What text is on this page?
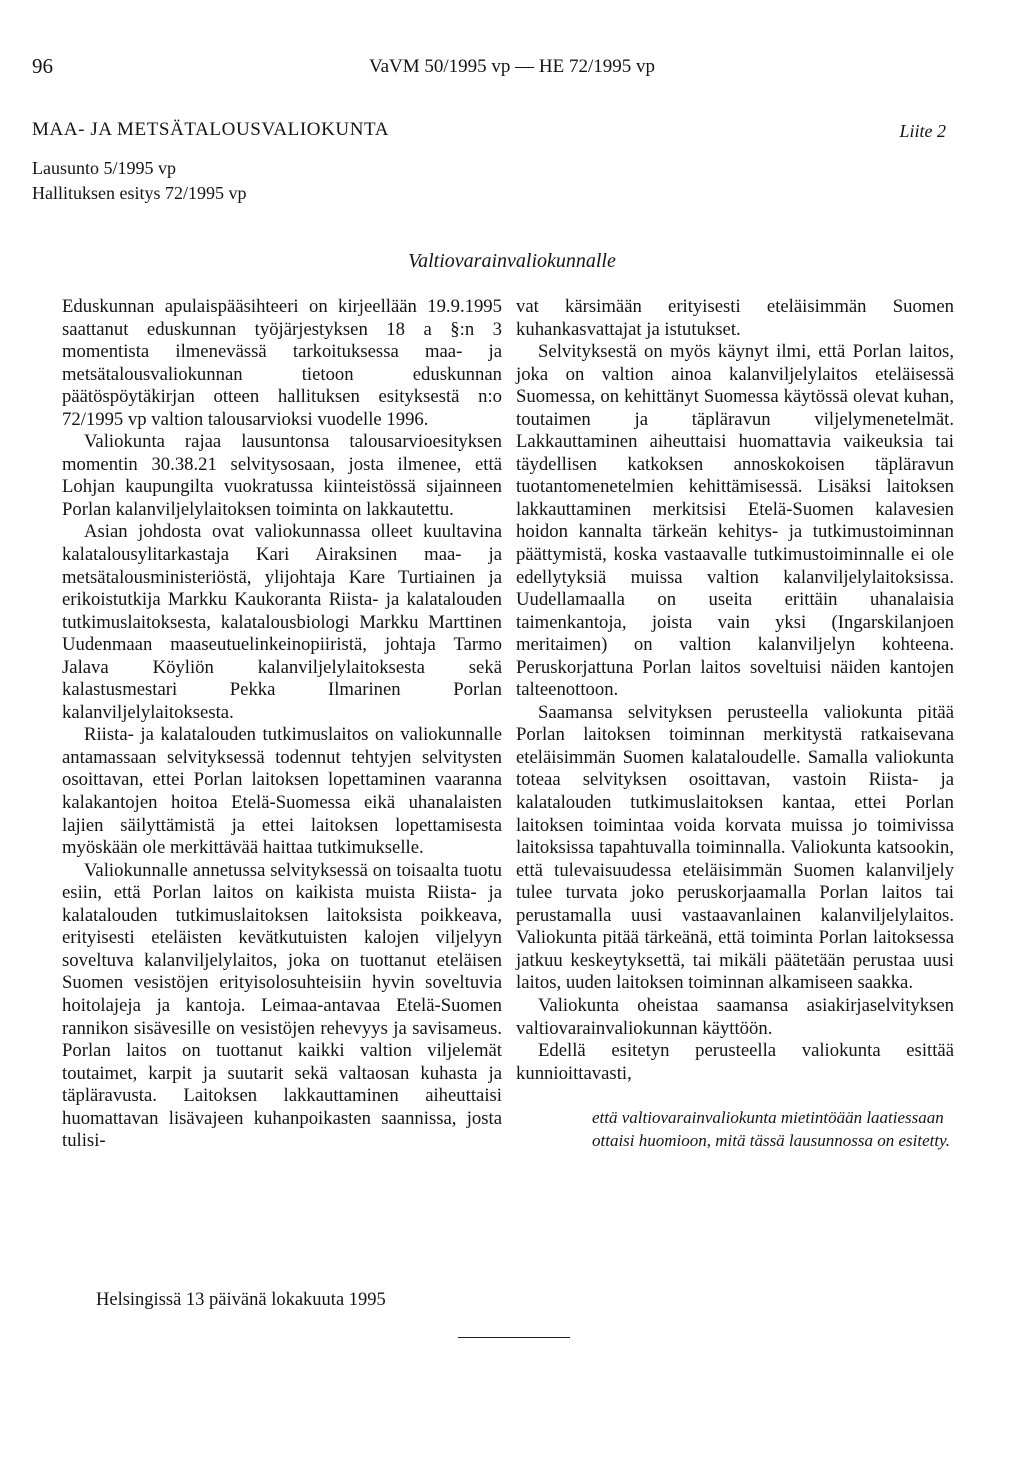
96	VaVM 50/1995 vp — HE 72/1995 vp
MAA- JA METSÄTALOUSVALIOKUNTA	Liite 2
Lausunto 5/1995 vp
Hallituksen esitys 72/1995 vp
Valtiovarainvaliokunnalle

Eduskunnan apulaispääsihteeri on kirjeellään 19.9.1995 saattanut eduskunnan työjärjestyksen 18 a §:n 3 momentista ilmenevässä tarkoituksessa maa- ja metsätalousvaliokunnan tietoon eduskunnan päätöspöytäkirjan otteen hallituksen esityksestä n:o 72/1995 vp valtion talousarvioksi vuodelle 1996.

Valiokunta rajaa lausuntonsa talousarvioesityksen momentin 30.38.21 selvitysosaan, josta ilmenee, että Lohjan kaupungilta vuokratussa kiinteistössä sijainneen Porlan kalanviljelylaitoksen toiminta on lakkautettu.

Asian johdosta ovat valiokunnassa olleet kuultavina kalatalousylitarkastaja Kari Airaksinen maa- ja metsätalousministeriöstä, ylijohtaja Kare Turtiainen ja erikoistutkija Markku Kaukoranta Riista- ja kalatalouden tutkimuslaitoksesta, kalatalousbiologi Markku Marttinen Uudenmaan maaseutuelinkeinopiiristä, johtaja Tarmo Jalava Köyliön kalanviljelylaitoksesta sekä kalastusmestari Pekka Ilmarinen Porlan kalanviljelylaitoksesta.

Riista- ja kalatalouden tutkimuslaitos on valiokunnalle antamassaan selvityksessä todennut tehtyjen selvitysten osoittavan, ettei Porlan laitoksen lopettaminen vaaranna kalakantojen hoitoa Etelä-Suomessa eikä uhanalaisten lajien säilyttämistä ja ettei laitoksen lopettamisesta myöskään ole merkittävää haittaa tutkimukselle.

Valiokunnalle annetussa selvityksessä on toisaalta tuotu esiin, että Porlan laitos on kaikista muista Riista- ja kalatalouden tutkimuslaitoksen laitoksista poikkeava, erityisesti eteläisten kevätkutuisten kalojen viljelyyn soveltuva kalanviljelylaitos, joka on tuottanut eteläisen Suomen vesistöjen erityisolosuhteisiin hyvin soveltuvia hoitolajeja ja kantoja. Leimaa-antavaa Etelä-Suomen rannikon sisävesille on vesistöjen rehevyys ja savisameus. Porlan laitos on tuottanut kaikki valtion viljelemät toutaimet, karpit ja suutarit sekä valtaosan kuhasta ja täpläravusta. Laitoksen lakkauttaminen aiheuttaisi huomattavan lisävajeen kuhanpoikasten saannissa, josta tulisi-

vat kärsimään erityisesti eteläisimmän Suomen kuhankasvattajat ja istutukset.

Selvityksestä on myös käynyt ilmi, että Porlan laitos, joka on valtion ainoa kalanviljelylaitos eteläisessä Suomessa, on kehittänyt Suomessa käytössä olevat kuhan, toutaimen ja täpläravun viljelymenetelmät. Lakkauttaminen aiheuttaisi huomattavia vaikeuksia tai täydellisen katkoksen annoskokoisen täpläravun tuotantomenetelmien kehittämisessä. Lisäksi laitoksen lakkauttaminen merkitsisi Etelä-Suomen kalavesien hoidon kannalta tärkeän kehitys- ja tutkimustoiminnan päättymistä, koska vastaavalle tutkimustoiminnalle ei ole edellytyksiä muissa valtion kalanviljelylaitoksissa. Uudellamaalla on useita erittäin uhanalaisia taimenkantoja, joista vain yksi (Ingarskilanjoen meritaimen) on valtion kalanviljelyn kohteena. Peruskorjattuna Porlan laitos soveltuisi näiden kantojen talteenottoon.

Saamansa selvityksen perusteella valiokunta pitää Porlan laitoksen toiminnan merkitystä ratkaisevana eteläisimmän Suomen kalataloudelle. Samalla valiokunta toteaa selvityksen osoittavan, vastoin Riista- ja kalatalouden tutkimuslaitoksen kantaa, ettei Porlan laitoksen toimintaa voida korvata muissa jo toimivissa laitoksissa tapahtuvalla toiminnalla. Valiokunta katsookin, että tulevaisuudessa eteläisimmän Suomen kalanviljely tulee turvata joko peruskorjaamalla Porlan laitos tai perustamalla uusi vastaavanlainen kalanviljelylaitos. Valiokunta pitää tärkeänä, että toiminta Porlan laitoksessa jatkuu keskeytyksettä, tai mikäli päätetään perustaa uusi laitos, uuden laitoksen toiminnan alkamiseen saakka.

Valiokunta oheistaa saamansa asiakirjaselvityksen valtiovarainvaliokunnan käyttöön.

Edellä esitetyn perusteella valiokunta esittää kunnioittavasti,

että valtiovarainvaliokunta mietintöään laatiessaan ottaisi huomioon, mitä tässä lausunnossa on esitetty.

Helsingissä 13 päivänä lokakuuta 1995
